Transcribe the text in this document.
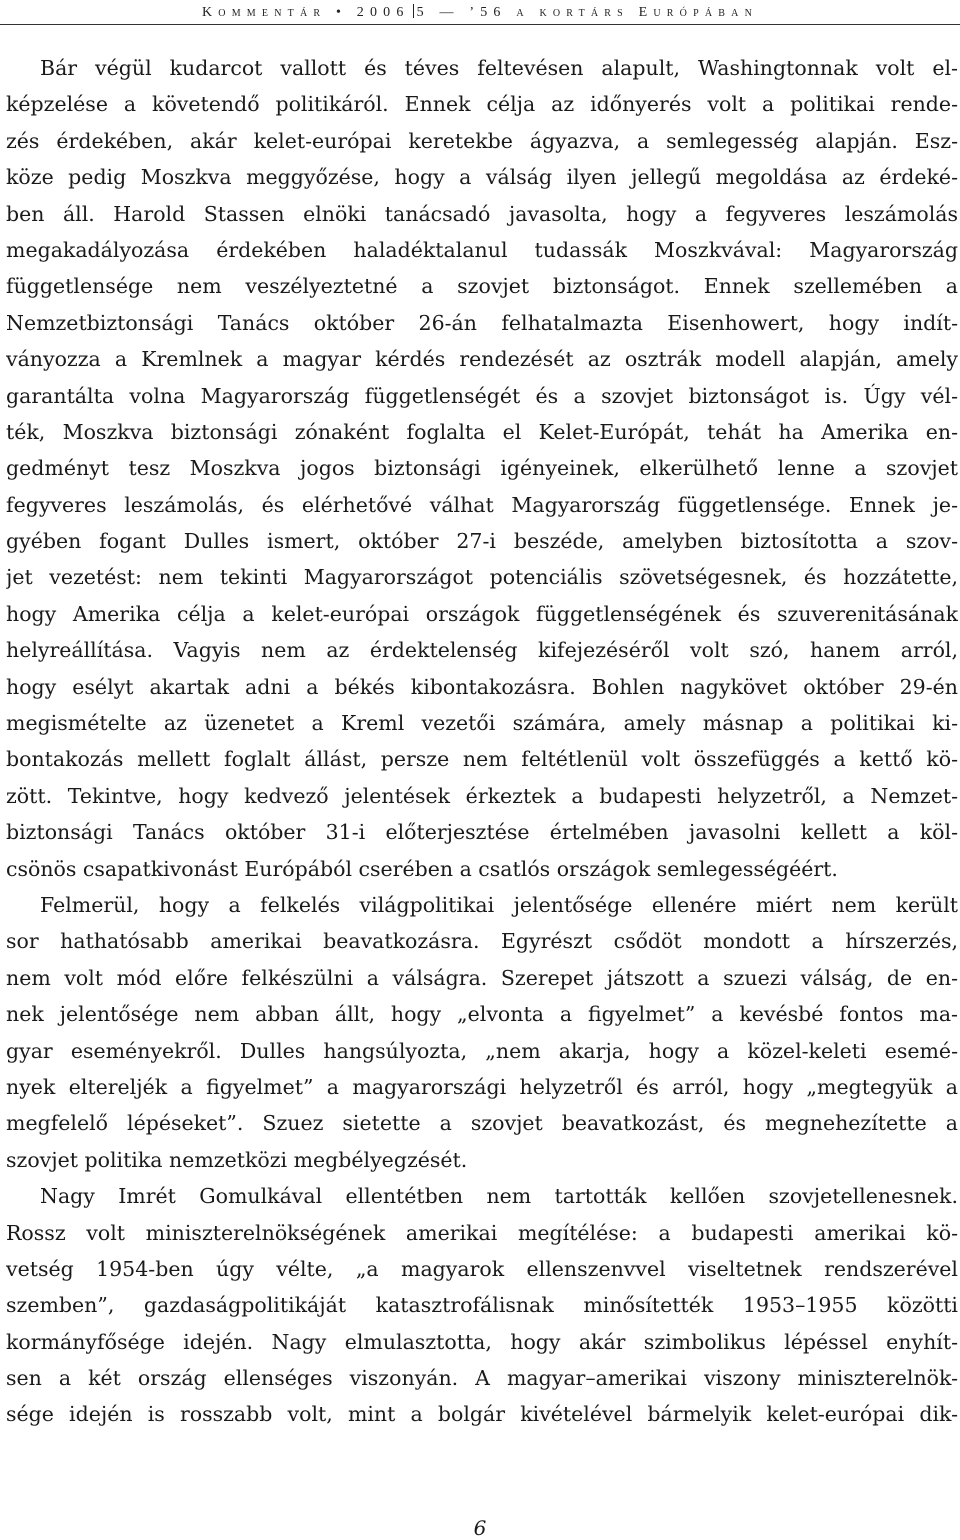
Kommentár • 2006 5 — ’56 a kortárs Európában
Bár végül kudarcot vallott és téves feltevésen alapult, Washingtonnak volt el-
képzelése a követendő politikáról. Ennek célja az időnyerés volt a politikai rende-
zés érdekében, akár kelet-európai keretekbe ágyazva, a semlegesség alapján. Esz-
köze pedig Moszkva meggyőzése, hogy a válság ilyen jellegű megoldása az érdeké-
ben áll. Harold Stassen elnöki tanácsadó javasolta, hogy a fegyveres leszámolás
megakadályozása érdekében haladéktalanul tudassák Moszkvával: Magyarország
függetlensége nem veszélyeztetné a szovjet biztonságot. Ennek szellemében a
Nemzetbiztonsági Tanács október 26-án felhatalmazta Eisenhowert, hogy indít-
ványozza a Kremlnek a magyar kérdés rendezését az osztrák modell alapján, amely
garantálta volna Magyarország függetlenségét és a szovjet biztonságot is. Úgy vél-
ték, Moszkva biztonsági zónaként foglalta el Kelet-Európát, tehát ha Amerika en-
gedményt tesz Moszkva jogos biztonsági igényeinek, elkerülhető lenne a szovjet
fegyveres leszámolás, és elérhetővé válhat Magyarország függetlensége. Ennek je-
gyében fogant Dulles ismert, október 27-i beszéde, amelyben biztosította a szov-
jet vezetést: nem tekinti Magyarországot potenciális szövetségesnek, és hozzátette,
hogy Amerika célja a kelet-európai országok függetlenségének és szuverenitásának
helyreállítása. Vagyis nem az érdektelenség kifejezéséről volt szó, hanem arról,
hogy esélyt akartak adni a békés kibontakozásra. Bohlen nagykövet október 29-én
megismételte az üzenetet a Kreml vezetői számára, amely másnap a politikai ki-
bontakozás mellett foglalt állást, persze nem feltétlenül volt összefüggés a kettő kö-
zött. Tekintve, hogy kedvező jelentések érkeztek a budapesti helyzetről, a Nemzet-
biztonsági Tanács október 31-i előterjesztése értelmében javasolni kellett a köl-
csönös csapatkivonást Európából cserében a csatlós országok semlegességéért.
Felmerül, hogy a felkelés világpolitikai jelentősége ellenére miért nem került
sor hathatósabb amerikai beavatkozásra. Egyrészt csődöt mondott a hírszerzés,
nem volt mód előre felkészülni a válságra. Szerepet játszott a szuezi válság, de en-
nek jelentősége nem abban állt, hogy „elvonta a figyelmet” a kevésbé fontos ma-
gyar eseményekről. Dulles hangsúlyozta, „nem akarja, hogy a közel-keleti esemé-
nyek eltereljék a figyelmet” a magyarországi helyzetről és arról, hogy „megtegyük a
megfelelő lépéseket”. Szuez sietette a szovjet beavatkozást, és megnehezítette a
szovjet politika nemzetközi megbélyegzését.
Nagy Imrét Gomulkával ellentétben nem tartották kellően szovjetellenesnek.
Rossz volt miniszterelnökségének amerikai megítélése: a budapesti amerikai kö-
vetség 1954-ben úgy vélte, „a magyarok ellenszenvvel viseltetnek rendszerével
szemben”, gazdaságpolitikáját katasztrofálisnak minősítették 1953–1955 közötti
kormányfősége idején. Nagy elmulasztotta, hogy akár szimbolikus lépéssel enyhít-
sen a két ország ellenséges viszonyán. A magyar–amerikai viszony miniszterelnök-
sége idején is rosszabb volt, mint a bolgár kivételével bármelyik kelet-európai dik-
6
